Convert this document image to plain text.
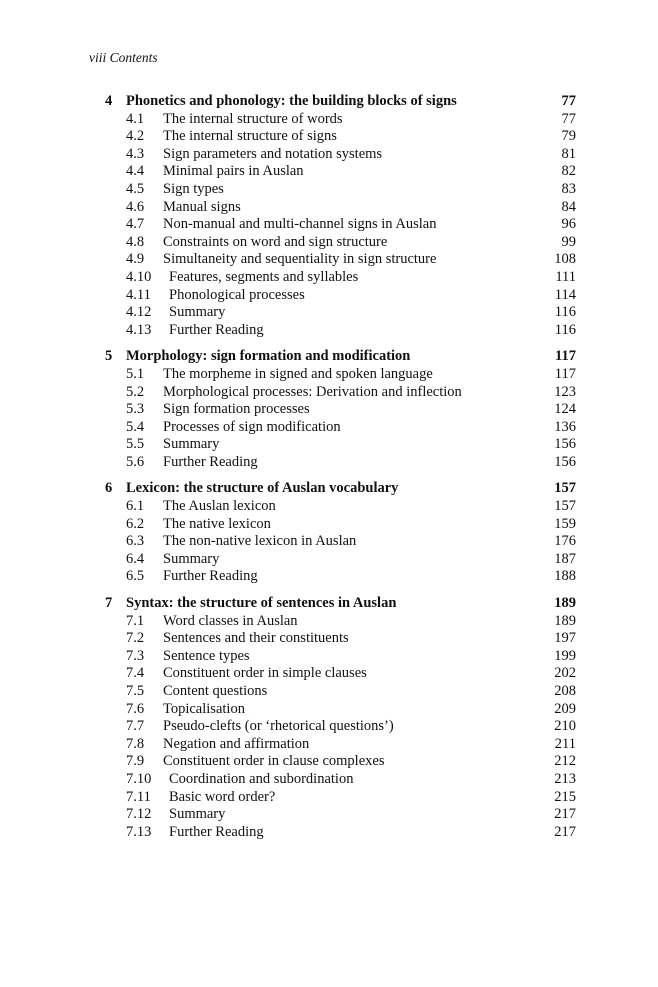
viii Contents
4 Phonetics and phonology: the building blocks of signs	77
4.1 The internal structure of words	77
4.2 The internal structure of signs	79
4.3 Sign parameters and notation systems	81
4.4 Minimal pairs in Auslan	82
4.5 Sign types	83
4.6 Manual signs	84
4.7 Non-manual and multi-channel signs in Auslan	96
4.8 Constraints on word and sign structure	99
4.9 Simultaneity and sequentiality in sign structure	108
4.10 Features, segments and syllables	111
4.11 Phonological processes	114
4.12 Summary	116
4.13 Further Reading	116
5 Morphology: sign formation and modification	117
5.1 The morpheme in signed and spoken language	117
5.2 Morphological processes: Derivation and inflection	123
5.3 Sign formation processes	124
5.4 Processes of sign modification	136
5.5 Summary	156
5.6 Further Reading	156
6 Lexicon: the structure of Auslan vocabulary	157
6.1 The Auslan lexicon	157
6.2 The native lexicon	159
6.3 The non-native lexicon in Auslan	176
6.4 Summary	187
6.5 Further Reading	188
7 Syntax: the structure of sentences in Auslan	189
7.1 Word classes in Auslan	189
7.2 Sentences and their constituents	197
7.3 Sentence types	199
7.4 Constituent order in simple clauses	202
7.5 Content questions	208
7.6 Topicalisation	209
7.7 Pseudo-clefts (or ‘rhetorical questions’)	210
7.8 Negation and affirmation	211
7.9 Constituent order in clause complexes	212
7.10 Coordination and subordination	213
7.11 Basic word order?	215
7.12 Summary	217
7.13 Further Reading	217
